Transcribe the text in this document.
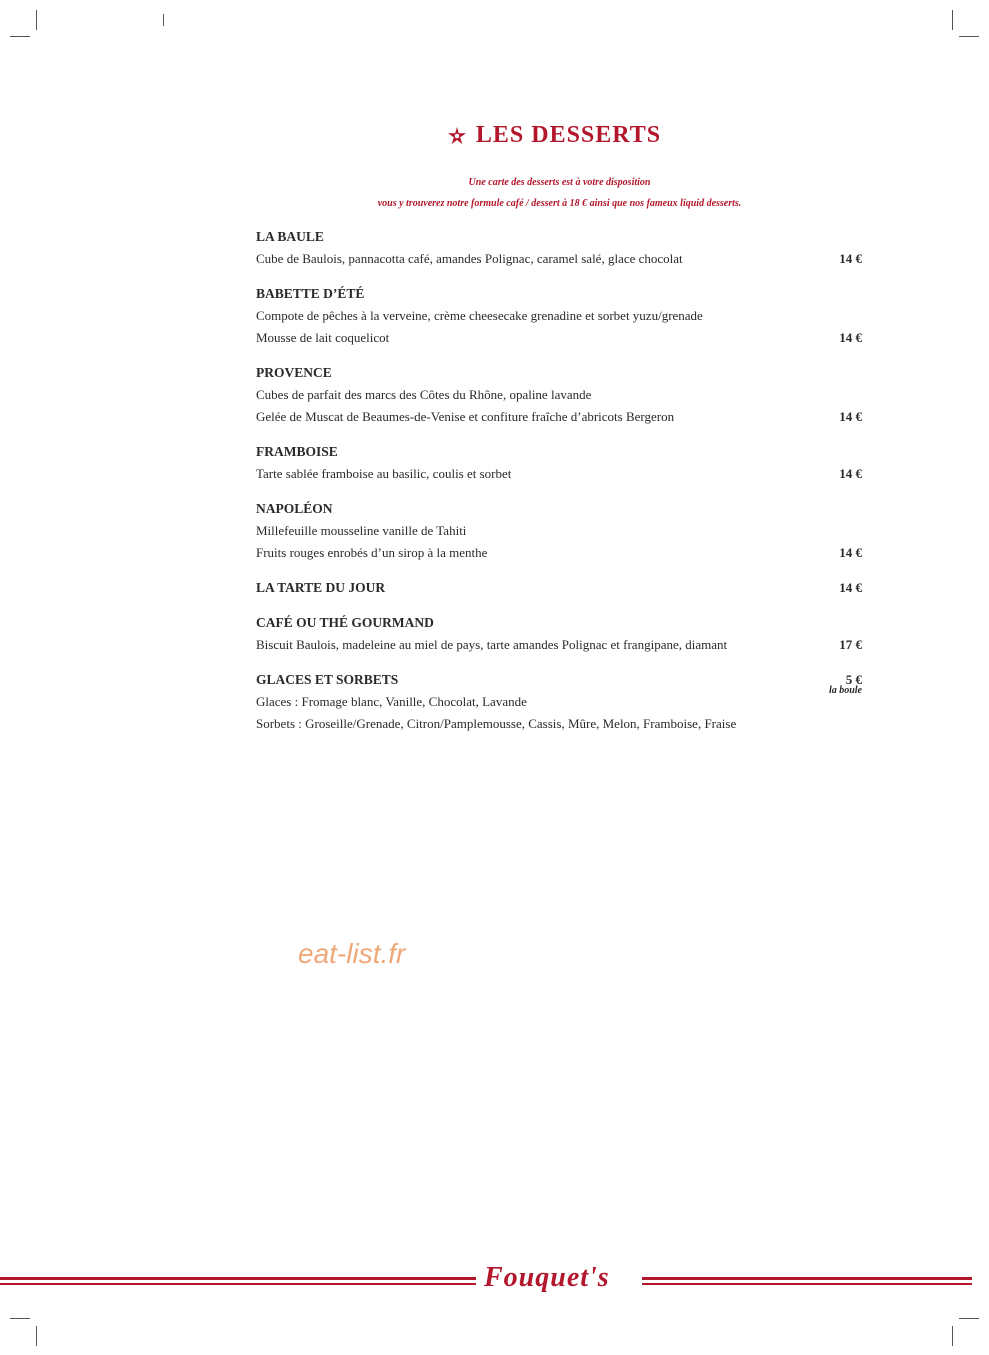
LES DESSERTS
Une carte des desserts est à votre disposition
vous y trouverez notre formule café / dessert à 18 € ainsi que nos fameux liquid desserts.
LA BAULE
Cube de Baulois, pannacotta café, amandes Polignac, caramel salé, glace chocolat	14 €
BABETTE D’ÉTÉ
Compote de pêches à la verveine, crème cheesecake grenadine et sorbet yuzu/grenade
Mousse de lait coquelicot	14 €
PROVENCE
Cubes de parfait des marcs des Côtes du Rhône, opaline lavande
Gelée de Muscat de Beaumes-de-Venise et confiture fraîche d’abricots Bergeron	14 €
FRAMBOISE
Tarte sablée framboise au basilic, coulis et sorbet	14 €
NAPOLÉON
Millefeuille mousseline vanille de Tahiti
Fruits rouges enrobés d’un sirop à la menthe	14 €
LA TARTE DU JOUR	14 €
CAFÉ OU THÉ GOURMAND
Biscuit Baulois, madeleine au miel de pays, tarte amandes Polignac et frangipane, diamant	17 €
GLACES ET SORBETS	5 €
la boule
Glaces : Fromage blanc, Vanille, Chocolat, Lavande
Sorbets : Groseille/Grenade, Citron/Pamplemousse, Cassis, Mûre, Melon, Framboise, Fraise
eat-list.fr
Fouquet's
